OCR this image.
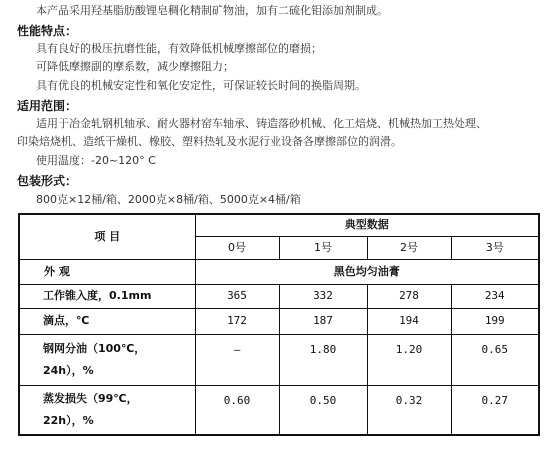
本产品采用羟基脂肪酸锂皂稠化精制矿物油，加有二硫化钼添加剂制成。
性能特点：
具有良好的极压抗磨性能，有效降低机械摩擦部位的磨损；
可降低摩擦副的摩系数，减少摩擦阻力；
具有优良的机械安定性和氧化安定性，可保证较长时间的换脂周期。
适用范围：
适用于冶金轧钢机轴承、耐火器材窑车轴承、铸造落砂机械、化工焙烧、机械热加工热处理、
印染焙烧机、造纸干燥机、橡胶、塑料热轧及水泥行业设备各摩擦部位的润滑。
使用温度：-20~120° C
包装形式：
800克×12桶/箱、2000克×8桶/箱、5000克×4桶/箱
项 目	典型数据			
	0号	1号	2号	3号
外 观	黑色均匀油膏			
工作锥入度，0.1mm	365	332	278	234
滴点，℃	172	187	194	199

钢网分油（100℃，
24h），%	—	1.80	1.20	0.65

蒸发损失（99℃，
22h），%	0.60	0.50	0.32	0.27
